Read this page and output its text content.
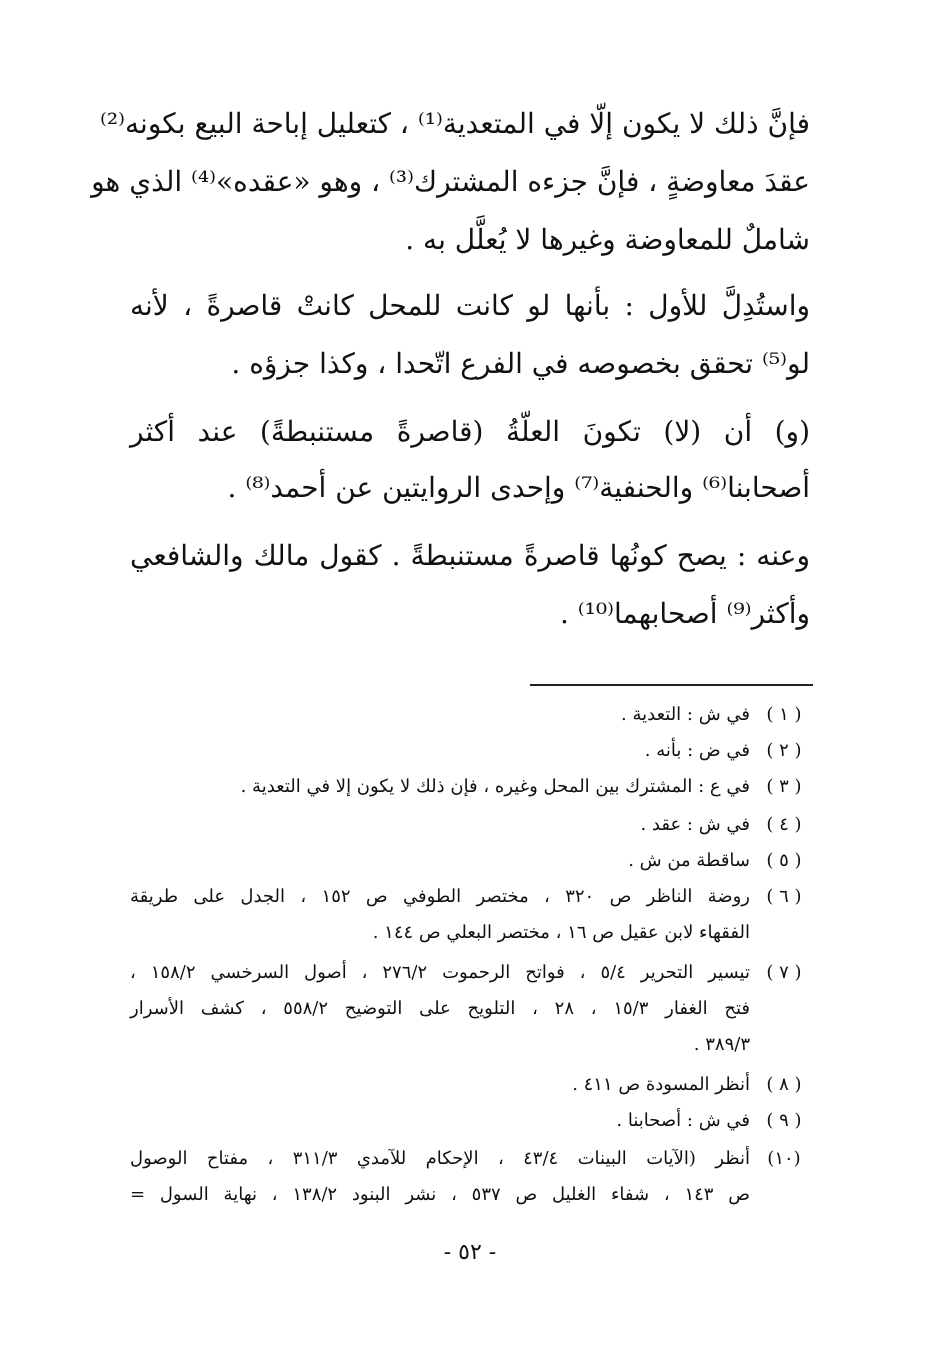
فإنَّ ذلك لا يكون إلّا في المتعدية⁽¹⁾ ، كتعليل إباحة البيع بكونه⁽²⁾
عقدَ معاوضةٍ ، فإنَّ جزءه المشترك⁽³⁾ ، وهو «عقده»⁽⁴⁾ الذي هو
شاملٌ للمعاوضة وغيرها لا يُعلَّل به .
واستُدِلَّ للأول : بأنها لو كانت للمحل كانتْ قاصرةً ، لأنه
لو⁽⁵⁾ تحقق بخصوصه في الفرع اتّحدا ، وكذا جزؤه .
(و) أن (لا) تكونَ العلّةُ (قاصرةً مستنبطةً) عند أكثر
أصحابنا⁽⁶⁾ والحنفية⁽⁷⁾ وإحدى الروايتين عن أحمد⁽⁸⁾ .
وعنه : يصح كونُها قاصرةً مستنبطةً . كقول مالك والشافعي
وأكثر⁽⁹⁾ أصحابهما⁽¹⁰⁾ .
( ١ )
في ش : التعدية .
( ٢ )
في ض : بأنه .
( ٣ )
في ع : المشترك بين المحل وغيره ، فإن ذلك لا يكون إلا في التعدية .
( ٤ )
في ش : عقد .
( ٥ )
ساقطة من ش .
( ٦ )
روضة الناظر ص ٣٢٠ ، مختصر الطوفي ص ١٥٢ ، الجدل على طريقة
الفقهاء لابن عقيل ص ١٦ ، مختصر البعلي ص ١٤٤ .
( ٧ )
تيسير التحرير ٥/٤ ، فواتح الرحموت ٢٧٦/٢ ، أصول السرخسي ١٥٨/٢ ،
فتح الغفار ١٥/٣ ، ٢٨ ، التلويح على التوضيح ٥٥٨/٢ ، كشف الأسرار
٣٨٩/٣ .
( ٨ )
أنظر المسودة ص ٤١١ .
( ٩ )
في ش : أصحابنا .
(١٠)
أنظر (الآيات البينات ٤٣/٤ ، الإحكام للآمدي ٣١١/٣ ، مفتاح الوصول
ص ١٤٣ ، شفاء الغليل ص ٥٣٧ ، نشر البنود ١٣٨/٢ ، نهاية السول =
- ٥٢ -
